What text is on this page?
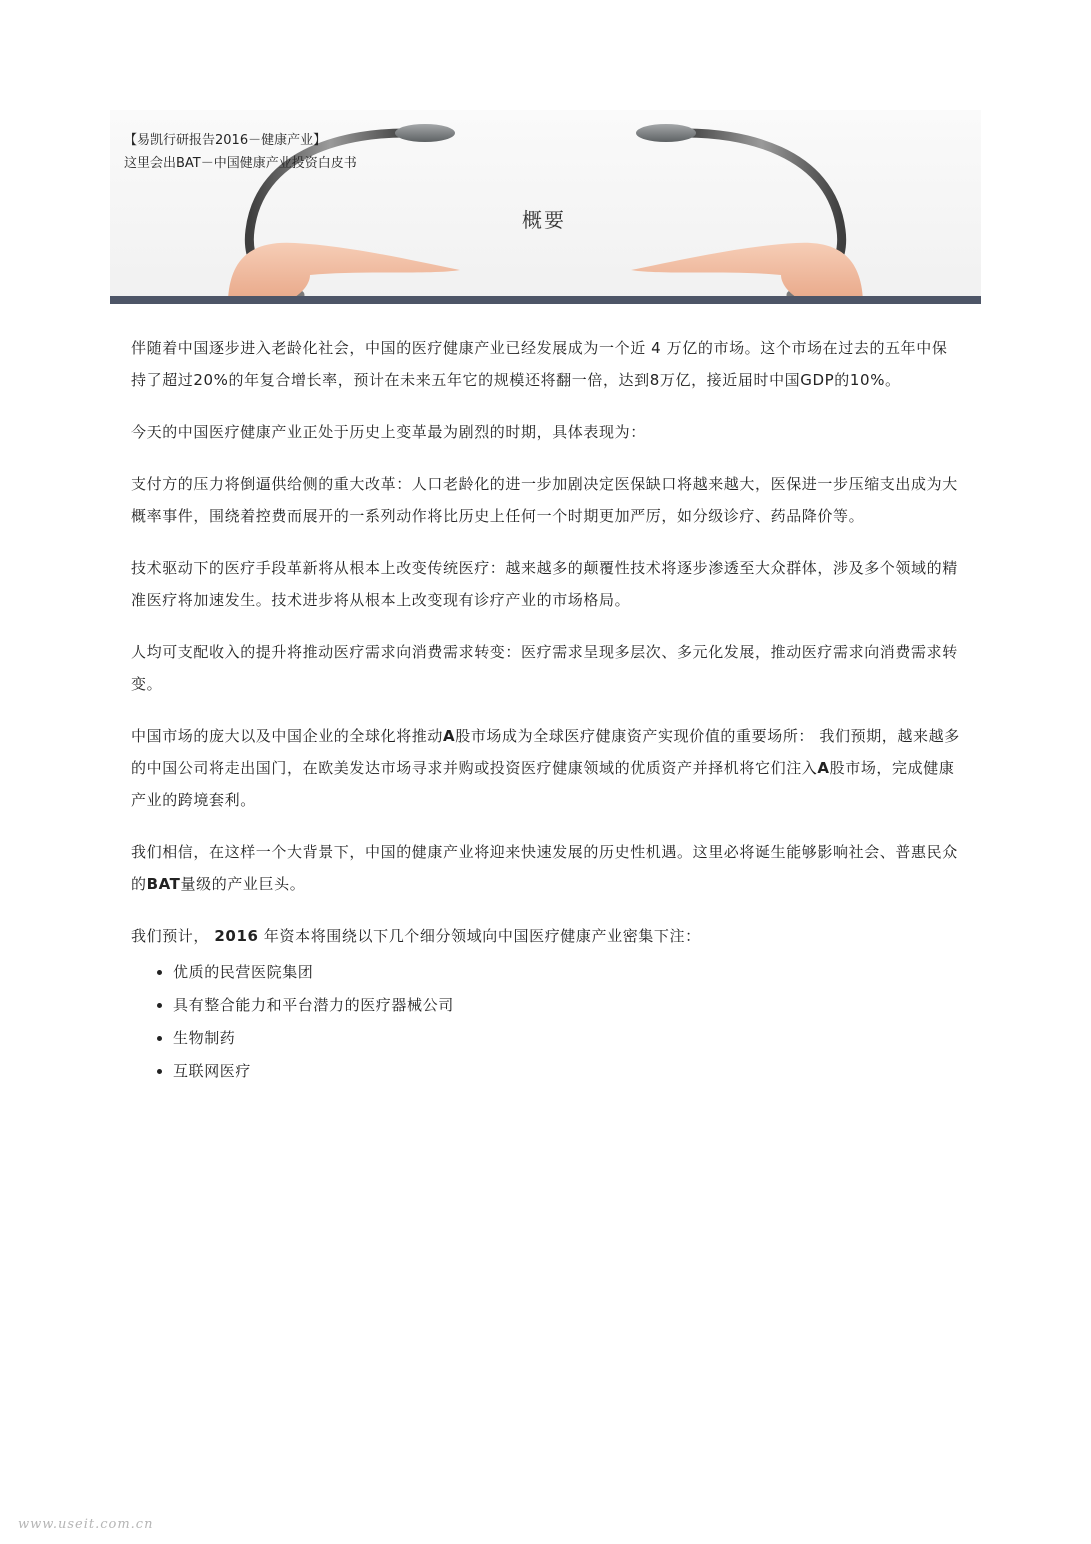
【易凯行研报告2016－健康产业】
这里会出BAT－中国健康产业投资白皮书
概要

伴随着中国逐步进入老龄化社会，中国的医疗健康产业已经发展成为一个近 4 万亿的市场。这个市场在过去的五年中保持了超过20%的年复合增长率，预计在未来五年它的规模还将翻一倍，达到8万亿，接近届时中国GDP的10%。

今天的中国医疗健康产业正处于历史上变革最为剧烈的时期，具体表现为：

支付方的压力将倒逼供给侧的重大改革：人口老龄化的进一步加剧决定医保缺口将越来越大，医保进一步压缩支出成为大概率事件，围绕着控费而展开的一系列动作将比历史上任何一个时期更加严厉，如分级诊疗、药品降价等。

技术驱动下的医疗手段革新将从根本上改变传统医疗：越来越多的颠覆性技术将逐步渗透至大众群体，涉及多个领域的精准医疗将加速发生。技术进步将从根本上改变现有诊疗产业的市场格局。

人均可支配收入的提升将推动医疗需求向消费需求转变：医疗需求呈现多层次、多元化发展，推动医疗需求向消费需求转变。

中国市场的庞大以及中国企业的全球化将推动A股市场成为全球医疗健康资产实现价值的重要场所： 我们预期，越来越多的中国公司将走出国门，在欧美发达市场寻求并购或投资医疗健康领域的优质资产并择机将它们注入A股市场，完成健康产业的跨境套利。

我们相信，在这样一个大背景下，中国的健康产业将迎来快速发展的历史性机遇。这里必将诞生能够影响社会、普惠民众的BAT量级的产业巨头。

我们预计， 2016 年资本将围绕以下几个细分领域向中国医疗健康产业密集下注：

优质的民营医院集团
具有整合能力和平台潜力的医疗器械公司
生物制药
互联网医疗
www.useit.com.cn
